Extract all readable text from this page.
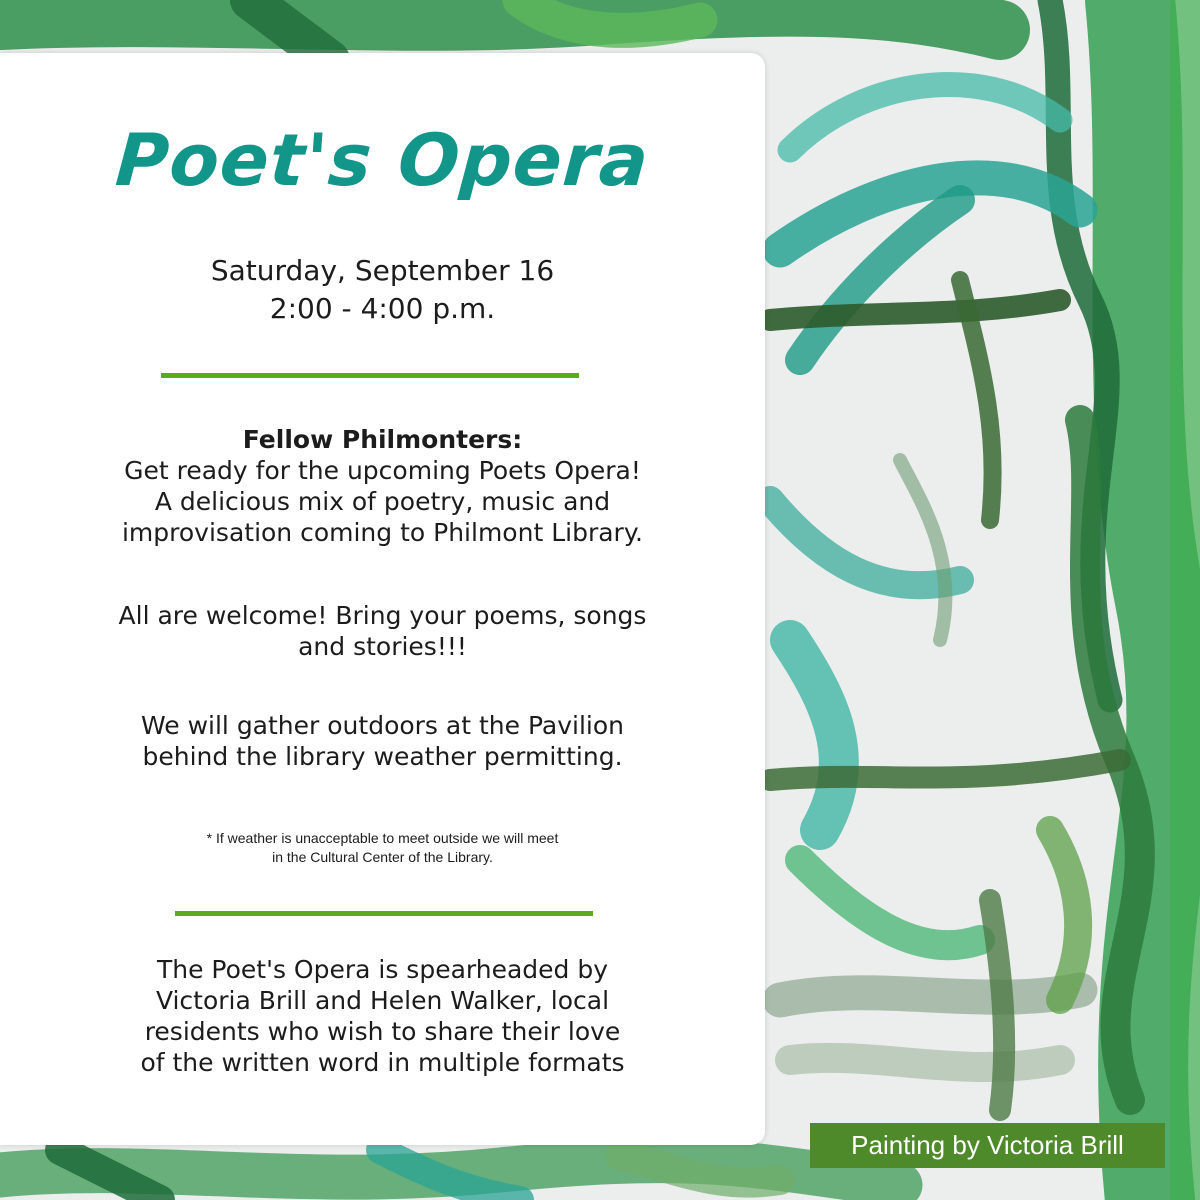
Poet's Opera
Saturday, September 16
2:00 - 4:00 p.m.
Fellow Philmonters:
Get ready for the upcoming Poets Opera!
A delicious mix of poetry, music and
improvisation coming to Philmont Library.
All are welcome! Bring your poems, songs
and stories!!!
We will gather outdoors at the Pavilion
behind the library weather permitting.
* If weather is unacceptable to meet outside we will meet
in the Cultural Center of the Library.
The Poet's Opera is spearheaded by
Victoria Brill and Helen Walker, local
residents who wish to share their love
of the written word in multiple formats
Painting by Victoria Brill
